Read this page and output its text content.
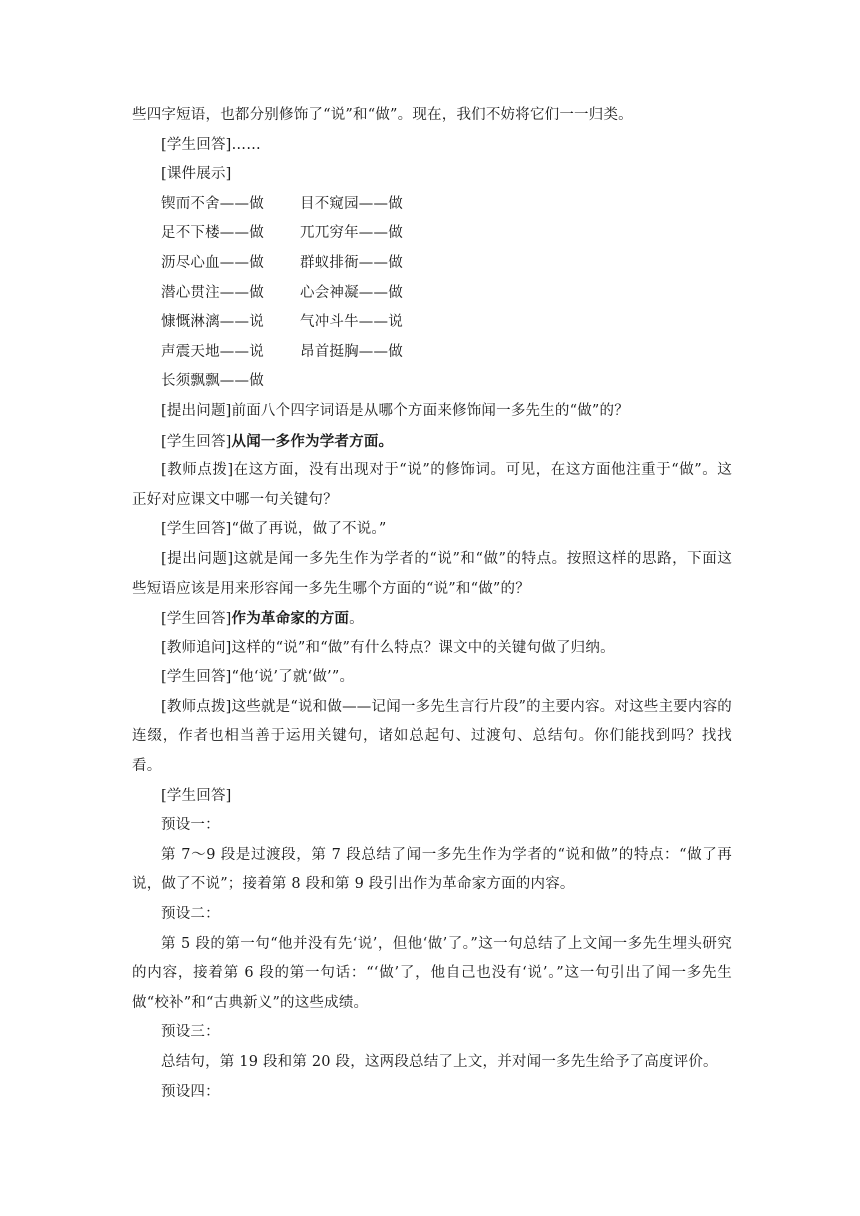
些四字短语，也都分别修饰了“说”和“做”。现在，我们不妨将它们一一归类。
[学生回答]……
[课件展示]
锲而不舍——做	目不窥园——做
足不下楼——做	兀兀穷年——做
沥尽心血——做	群蚁排衙——做
潜心贯注——做	心会神凝——做
慷慨淋漓——说	气冲斗牛——说
声震天地——说	昂首挺胸——做
长须飘飘——做
[提出问题]前面八个四字词语是从哪个方面来修饰闻一多先生的“做”的？
[学生回答]从闻一多作为学者方面。
[教师点拨]在这方面，没有出现对于“说”的修饰词。可见，在这方面他注重于“做”。这正好对应课文中哪一句关键句？
[学生回答]“做了再说，做了不说。”
[提出问题]这就是闻一多先生作为学者的“说”和“做”的特点。按照这样的思路，下面这些短语应该是用来形容闻一多先生哪个方面的“说”和“做”的？
[学生回答]作为革命家的方面。
[教师追问]这样的“说”和“做”有什么特点？课文中的关键句做了归纳。
[学生回答]“他‘说’了就‘做’”。
[教师点拨]这些就是“说和做——记闻一多先生言行片段”的主要内容。对这些主要内容的连缀，作者也相当善于运用关键句，诸如总起句、过渡句、总结句。你们能找到吗？找找看。
[学生回答]
预设一：
第 7～9 段是过渡段，第 7 段总结了闻一多先生作为学者的“说和做”的特点：“做了再说，做了不说”；接着第 8 段和第 9 段引出作为革命家方面的内容。
预设二：
第 5 段的第一句“他并没有先‘说’，但他‘做’了。”这一句总结了上文闻一多先生埋头研究的内容，接着第 6 段的第一句话：“‘做’了，他自己也没有‘说’。”这一句引出了闻一多先生做“校补”和“古典新义”的这些成绩。
预设三：
总结句，第 19 段和第 20 段，这两段总结了上文，并对闻一多先生给予了高度评价。
预设四：
